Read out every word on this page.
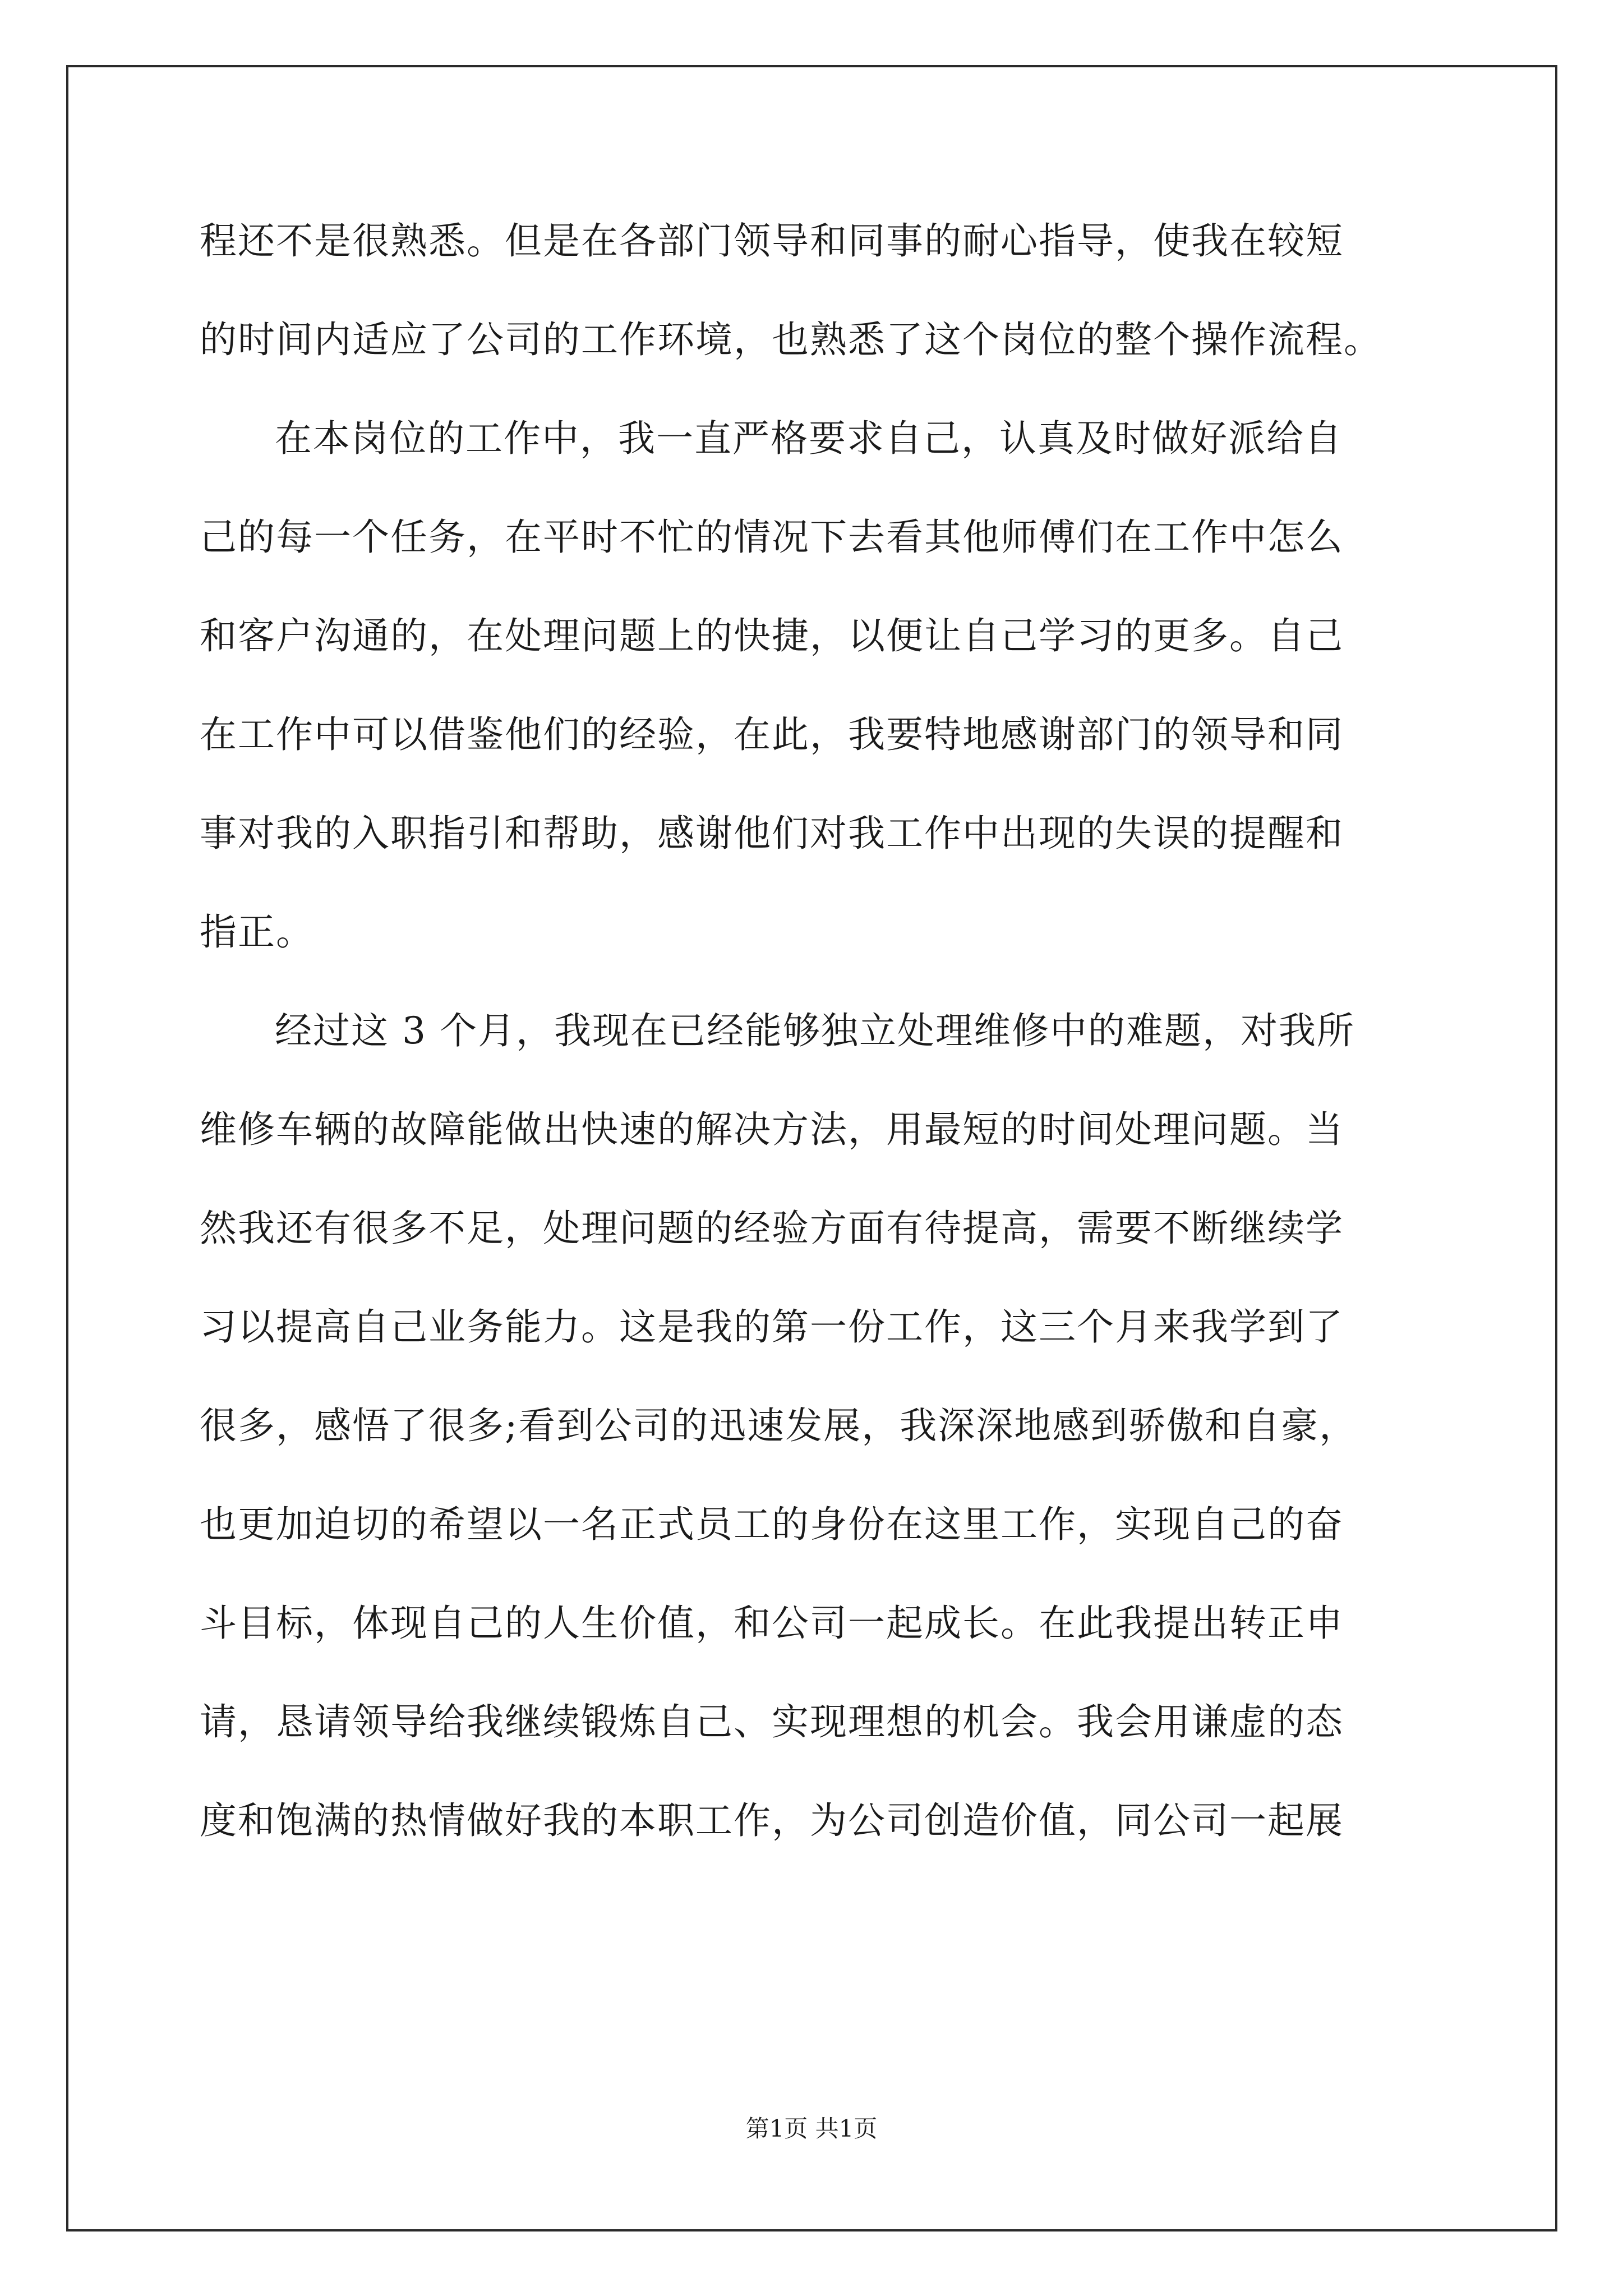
程还不是很熟悉。但是在各部门领导和同事的耐心指导，使我在较短
的时间内适应了公司的工作环境，也熟悉了这个岗位的整个操作流程。
在本岗位的工作中，我一直严格要求自己，认真及时做好派给自
己的每一个任务，在平时不忙的情况下去看其他师傅们在工作中怎么
和客户沟通的，在处理问题上的快捷，以便让自己学习的更多。自己
在工作中可以借鉴他们的经验，在此，我要特地感谢部门的领导和同
事对我的入职指引和帮助，感谢他们对我工作中出现的失误的提醒和
指正。
经过这 3 个月，我现在已经能够独立处理维修中的难题，对我所
维修车辆的故障能做出快速的解决方法，用最短的时间处理问题。当
然我还有很多不足，处理问题的经验方面有待提高，需要不断继续学
习以提高自己业务能力。这是我的第一份工作，这三个月来我学到了
很多，感悟了很多;看到公司的迅速发展，我深深地感到骄傲和自豪，
也更加迫切的希望以一名正式员工的身份在这里工作，实现自己的奋
斗目标，体现自己的人生价值，和公司一起成长。在此我提出转正申
请，恳请领导给我继续锻炼自己、实现理想的机会。我会用谦虚的态
度和饱满的热情做好我的本职工作，为公司创造价值，同公司一起展
第1页 共1页
